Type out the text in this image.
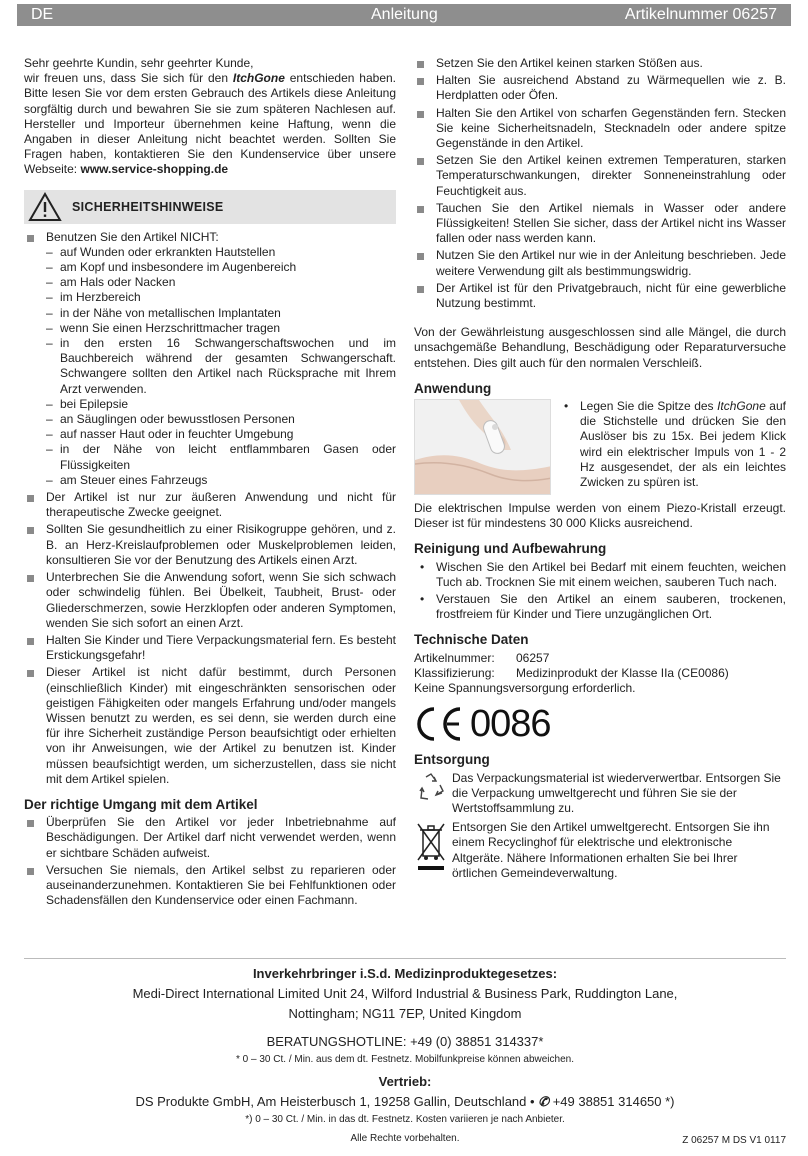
DE	Anleitung	Artikelnummer 06257

Sehr geehrte Kundin, sehr geehrter Kunde,
wir freuen uns, dass Sie sich für den ItchGone entschieden haben. Bitte lesen Sie vor dem ersten Gebrauch des Artikels diese Anleitung sorgfältig durch und bewahren Sie sie zum späteren Nachlesen auf. Hersteller und Importeur übernehmen keine Haftung, wenn die Angaben in dieser Anleitung nicht beachtet werden. Sollten Sie Fragen haben, kontaktieren Sie den Kundenservice über unsere Webseite: www.service-shopping.de

SICHERHEITSHINWEISE
Benutzen Sie den Artikel NICHT:
– auf Wunden oder erkrankten Hautstellen
– am Kopf und insbesondere im Augenbereich
– am Hals oder Nacken
– im Herzbereich
– in der Nähe von metallischen Implantaten
– wenn Sie einen Herzschrittmacher tragen
– in den ersten 16 Schwangerschaftswochen und im Bauchbereich während der gesamten Schwangerschaft. Schwangere sollten den Artikel nach Rücksprache mit Ihrem Arzt verwenden.
– bei Epilepsie
– an Säuglingen oder bewusstlosen Personen
– auf nasser Haut oder in feuchter Umgebung
– in der Nähe von leicht entflammbaren Gasen oder Flüssigkeiten
– am Steuer eines Fahrzeugs
Der Artikel ist nur zur äußeren Anwendung und nicht für therapeutische Zwecke geeignet.
Sollten Sie gesundheitlich zu einer Risikogruppe gehören, und z. B. an Herz-Kreislaufproblemen oder Muskelproblemen leiden, konsultieren Sie vor der Benutzung des Artikels einen Arzt.
Unterbrechen Sie die Anwendung sofort, wenn Sie sich schwach oder schwindelig fühlen. Bei Übelkeit, Taubheit, Brust- oder Gliederschmerzen, sowie Herzklopfen oder anderen Symptomen, wenden Sie sich sofort an einen Arzt.
Halten Sie Kinder und Tiere Verpackungsmaterial fern. Es besteht Erstickungsgefahr!
Dieser Artikel ist nicht dafür bestimmt, durch Personen (einschließlich Kinder) mit eingeschränkten sensorischen oder geistigen Fähigkeiten oder mangels Erfahrung und/oder mangels Wissen benutzt zu werden, es sei denn, sie werden durch eine für ihre Sicherheit zuständige Person beaufsichtigt oder erhielten von ihr Anweisungen, wie der Artikel zu benutzen ist. Kinder müssen beaufsichtigt werden, um sicherzustellen, dass sie nicht mit dem Artikel spielen.
Der richtige Umgang mit dem Artikel
Überprüfen Sie den Artikel vor jeder Inbetriebnahme auf Beschädigungen. Der Artikel darf nicht verwendet werden, wenn er sichtbare Schäden aufweist.
Versuchen Sie niemals, den Artikel selbst zu reparieren oder auseinanderzunehmen. Kontaktieren Sie bei Fehlfunktionen oder Schadensfällen den Kundenservice oder einen Fachmann.
Setzen Sie den Artikel keinen starken Stößen aus.
Halten Sie ausreichend Abstand zu Wärmequellen wie z. B. Herdplatten oder Öfen.
Halten Sie den Artikel von scharfen Gegenständen fern. Stecken Sie keine Sicherheitsnadeln, Stecknadeln oder andere spitze Gegenstände in den Artikel.
Setzen Sie den Artikel keinen extremen Temperaturen, starken Temperaturschwankungen, direkter Sonneneinstrahlung oder Feuchtigkeit aus.
Tauchen Sie den Artikel niemals in Wasser oder andere Flüssigkeiten! Stellen Sie sicher, dass der Artikel nicht ins Wasser fallen oder nass werden kann.
Nutzen Sie den Artikel nur wie in der Anleitung beschrieben. Jede weitere Verwendung gilt als bestimmungswidrig.
Der Artikel ist für den Privatgebrauch, nicht für eine gewerbliche Nutzung bestimmt.

Von der Gewährleistung ausgeschlossen sind alle Mängel, die durch unsachgemäße Behandlung, Beschädigung oder Reparaturversuche entstehen. Dies gilt auch für den normalen Verschleiß.

Anwendung
• Legen Sie die Spitze des ItchGone auf die Stichstelle und drücken Sie den Auslöser bis zu 15x. Bei jedem Klick wird ein elektrischer Impuls von 1 - 2 Hz ausgesendet, der als ein leichtes Zwicken zu spüren ist.

Die elektrischen Impulse werden von einem Piezo-Kristall erzeugt. Dieser ist für mindestens 30 000 Klicks ausreichend.

Reinigung und Aufbewahrung
• Wischen Sie den Artikel bei Bedarf mit einem feuchten, weichen Tuch ab. Trocknen Sie mit einem weichen, sauberen Tuch nach.
• Verstauen Sie den Artikel an einem sauberen, trockenen, frostfreiem für Kinder und Tiere unzugänglichen Ort.
Technische Daten
Artikelnummer:	06257
Klassifizierung:	Medizinprodukt der Klasse IIa (CE0086)

Keine Spannungsversorgung erforderlich.

0086
Entsorgung
Das Verpackungsmaterial ist wiederverwertbar. Entsorgen Sie die Verpackung umweltgerecht und führen Sie sie der Wertstoffsammlung zu.
Entsorgen Sie den Artikel umweltgerecht. Entsorgen Sie ihn einem Recyclinghof für elektrische und elektronische Altgeräte. Nähere Informationen erhalten Sie bei Ihrer örtlichen Gemeindeverwaltung.
Inverkehrbringer i.S.d. Medizinproduktegesetzes:
Medi-Direct International Limited Unit 24, Wilford Industrial & Business Park, Ruddington Lane,
Nottingham; NG11 7EP, United Kingdom
BERATUNGSHOTLINE: +49 (0) 38851 314337*
* 0 – 30 Ct. / Min. aus dem dt. Festnetz. Mobilfunkpreise können abweichen.
Vertrieb:
DS Produkte GmbH, Am Heisterbusch 1, 19258 Gallin, Deutschland • ✆ +49 38851 314650 *)
*) 0 – 30 Ct. / Min. in das dt. Festnetz. Kosten variieren je nach Anbieter.
Alle Rechte vorbehalten.	Z 06257 M DS V1 0117
